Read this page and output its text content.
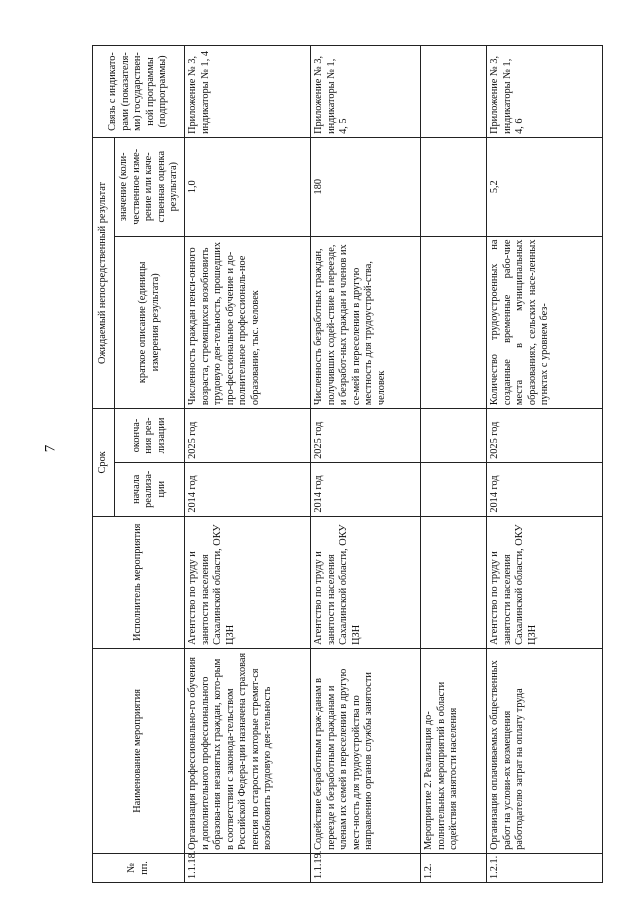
7
№ пп.	Наименование мероприятия	Исполнитель мероприятия	Срок		Ожидаемый непосредственный результат		Связь с индикато-рами (показателя-ми) государствен-ной программы (подпрограммы)
			начала реализа-ции	оконча-ния реа-лизации	краткое описание (единицы измерения результата)	значение (коли-чественное изме-рение или каче-ственная оценка результата)	
1.1.18.	Организация профессионально-го обучения и дополнительного профессионального образова-ния незанятых граждан, кото-рым в соответствии с законода-тельством Российской Федера-ции назначена страховая пенсия по старости и которые стремят-ся возобновить трудовую дея-тельность	Агентство по труду и занятости населения Сахалинской области, ОКУ ЦЗН	2014 год	2025 год	Численность граждан пенси-онного возраста, стремящихся возобновить трудовую дея-тельность, прошедших про-фессиональное обучение и до-полнительное профессиональ-ное образование, тыс. человек	1,0	Приложение № 3, индикаторы № 1, 4
1.1.19.	Содействие безработным граж-данам в переезде и безработным гражданам и членам их семей в переселении в другую мест-ность для трудоустройства по направлению органов службы занятости	Агентство по труду и занятости населения Сахалинской области, ОКУ ЦЗН	2014 год	2025 год	Численность безработных граждан, получивших содей-ствие в переезде, и безработ-ных граждан и членов их се-мей в переселении в другую местность для трудоустрой-ства, человек	180	Приложение № 3, индикаторы № 1, 4, 5
1.2.	Мероприятие 2. Реализация до-полнительных мероприятий в области содействия занятости населения						
1.2.1.	Организация оплачиваемых общественных работ на услови-ях возмещения работодателю затрат на оплату труда	Агентство по труду и занятости населения Сахалинской области, ОКУ ЦЗН	2014 год	2025 год	Количество трудоустроенных на созданные временные рабо-чие места в муниципальных образованиях, сельских насе-ленных пунктах с уровнем без-	5,2	Приложение № 3, индикаторы № 1, 4, 6
